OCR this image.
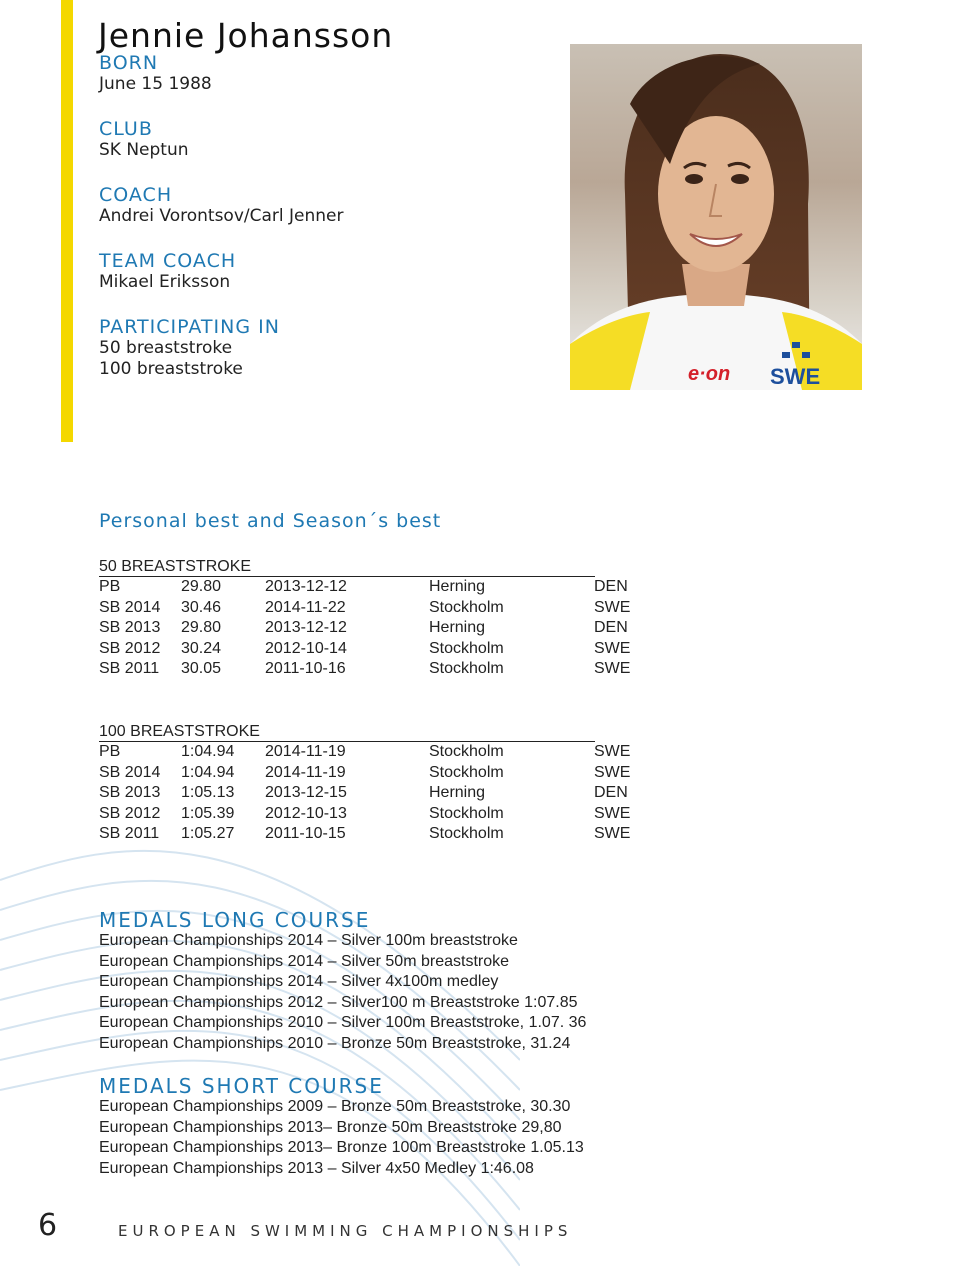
Jennie Johansson
BORN
June 15 1988
CLUB
SK Neptun
COACH
Andrei Vorontsov/Carl Jenner
TEAM COACH
Mikael Eriksson
PARTICIPATING IN
50 breaststroke
100 breaststroke	e·on SWE
Personal best and Season´s best
50 BREASTSTROKE
PB	29.80	2013-12-12	Herning	DEN
SB 2014 30.46	2014-11-22	Stockholm	SWE
SB 2013 29.80	2013-12-12	Herning	DEN
SB 2012 30.24	2012-10-14	Stockholm	SWE
SB 2011 30.05	2011-10-16	Stockholm	SWE
100 BREASTSTROKE
PB	1:04.94 2014-11-19	Stockholm	SWE
SB 2014 1:04.94 2014-11-19	Stockholm	SWE
SB 2013 1:05.13 2013-12-15	Herning	DEN
SB 2012 1:05.39 2012-10-13	Stockholm	SWE
SB 2011 1:05.27 2011-10-15	Stockholm	SWE
MEDALS LONG COURSE
European Championships 2014 – Silver 100m breaststroke
European Championships 2014 – Silver 50m breaststroke
European Championships 2014 – Silver 4x100m medley
European Championships 2012 – Silver100 m Breaststroke 1:07.85
European Championships 2010 – Silver 100m Breaststroke, 1.07. 36
European Championships 2010 – Bronze 50m Breaststroke, 31.24
MEDALS SHORT COURSE
European Championships 2009 – Bronze 50m Breaststroke, 30.30
European Championships 2013– Bronze 50m Breaststroke 29,80
European Championships 2013– Bronze 100m Breaststroke 1.05.13
European Championships 2013 – Silver 4x50 Medley 1:46.08
6	EUROPEAN SWIMMING CHAMPIONSHIPS
